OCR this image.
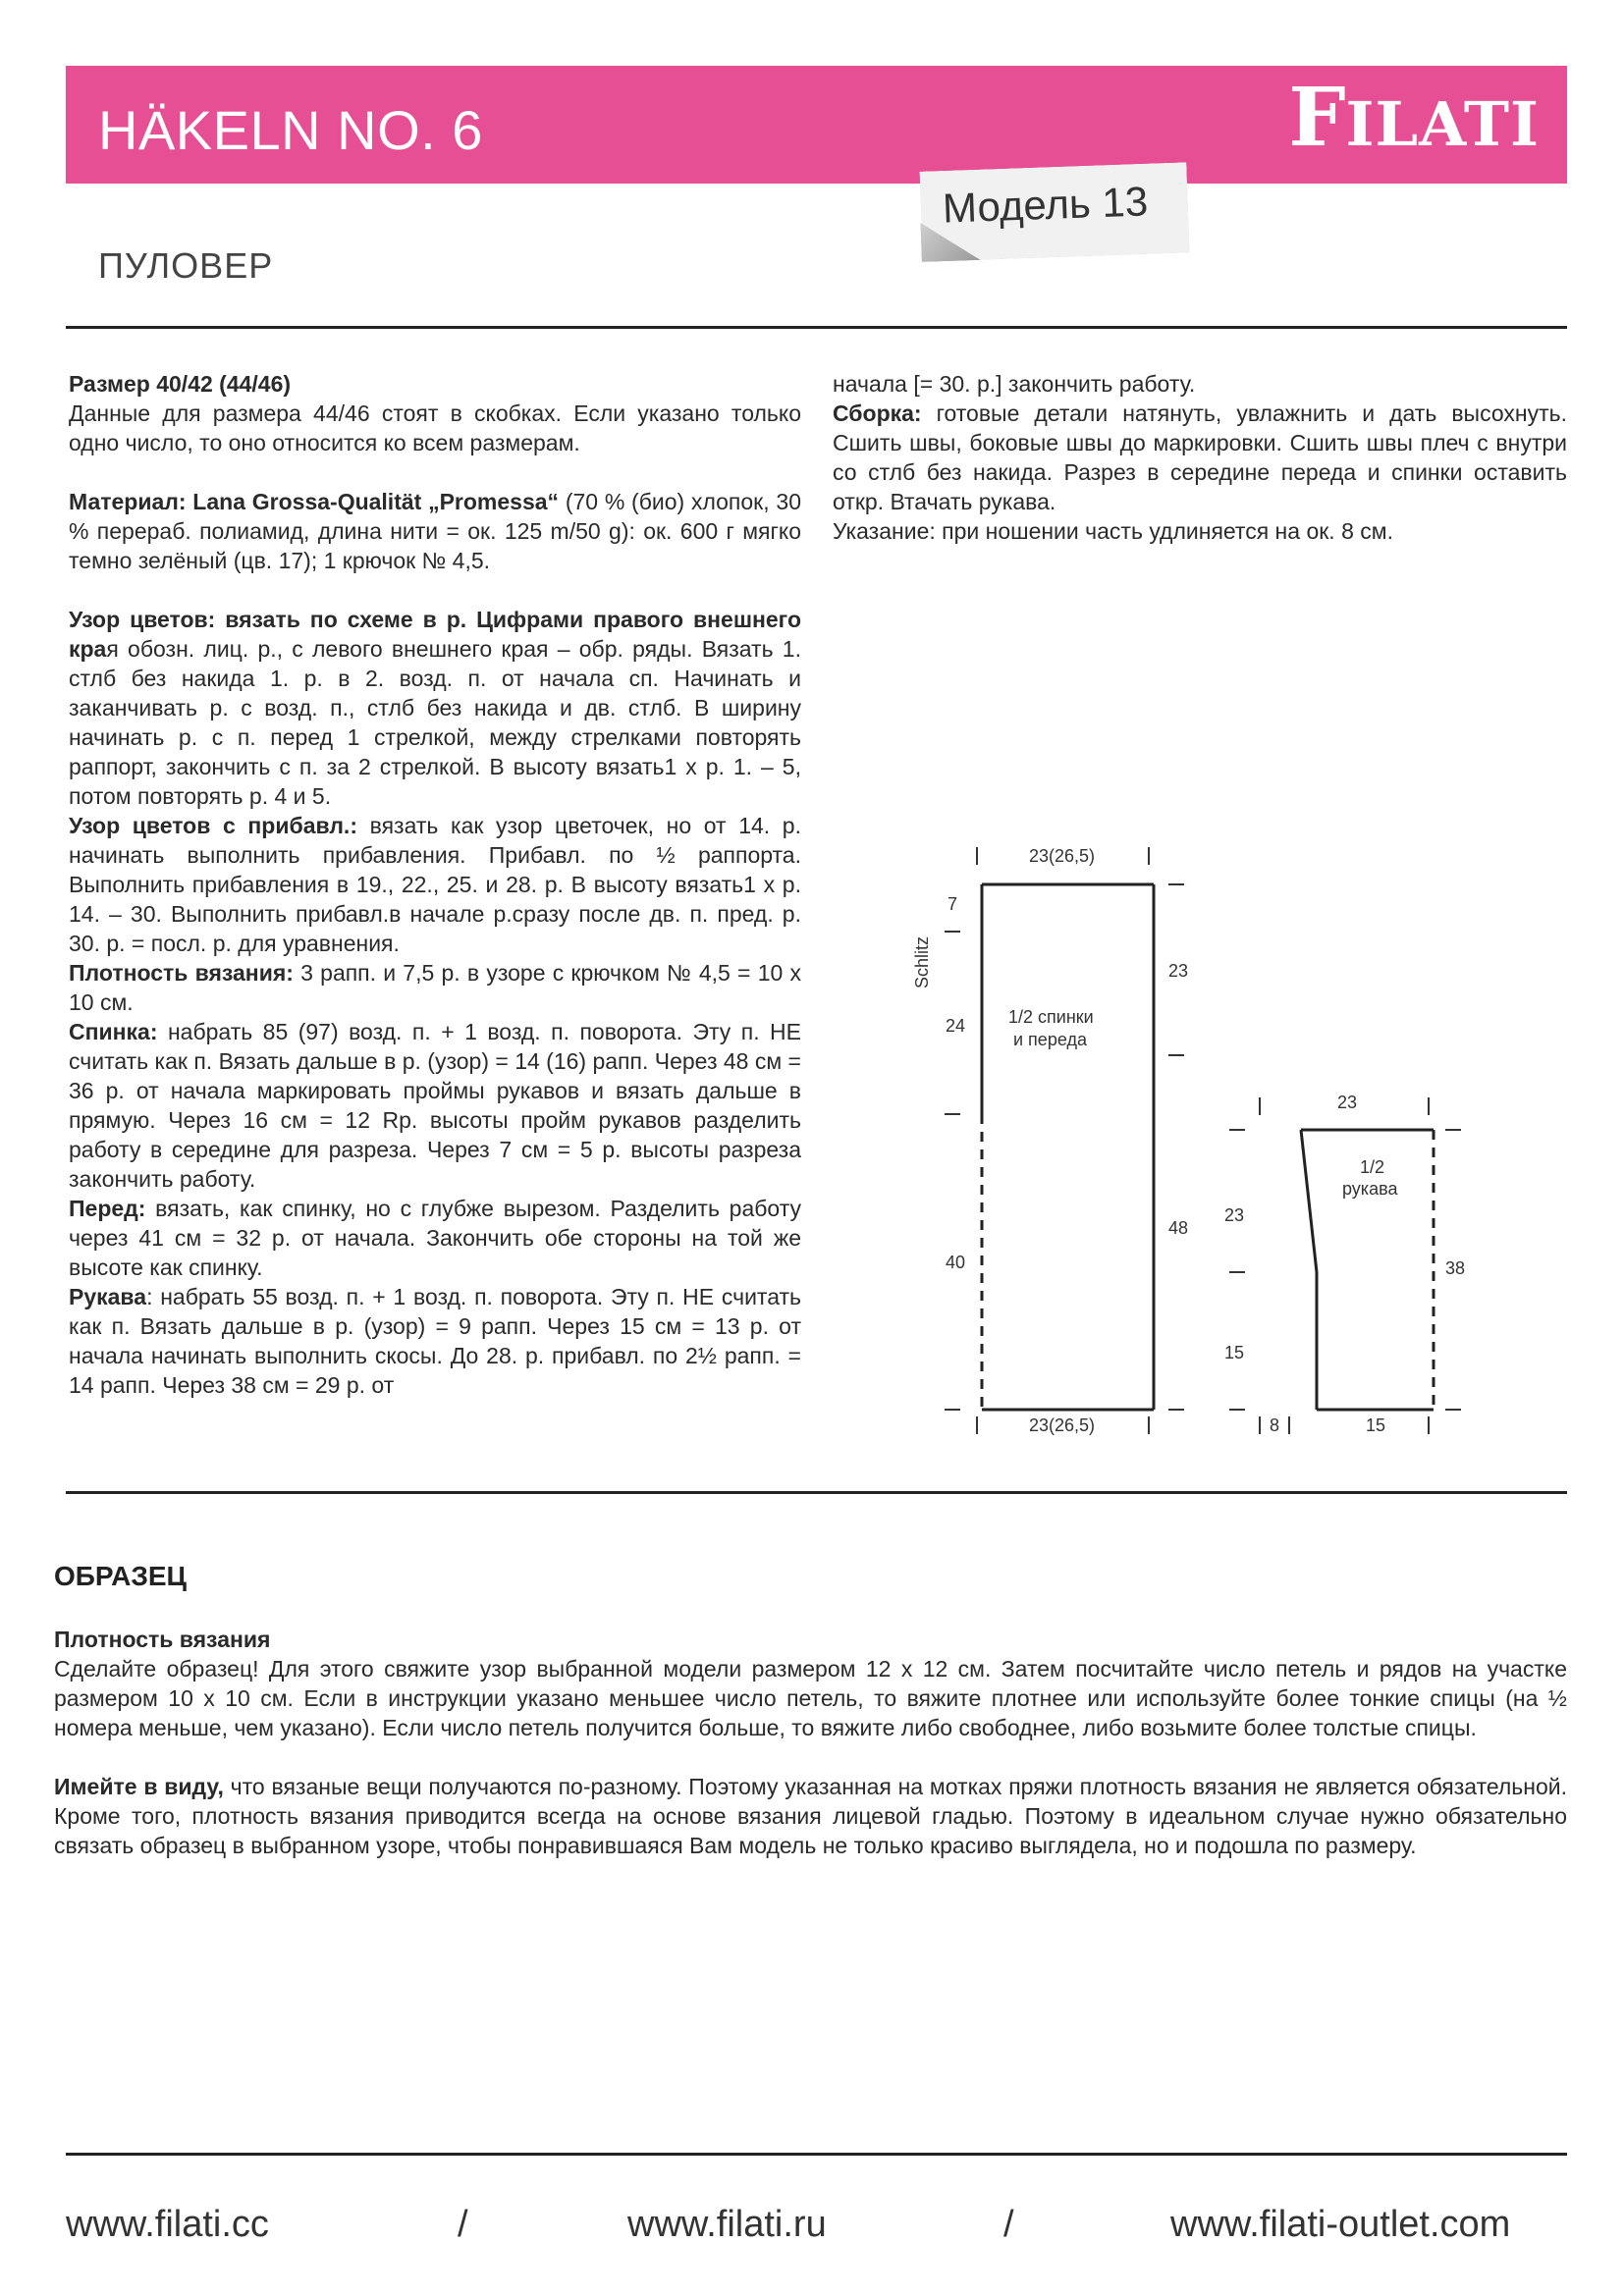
HÄKELN NO. 6	FILATI
Модель 13
ПУЛОВЕР

Размер 40/42 (44/46)

Данные для размера 44/46 стоят в скобках. Если указано только одно число, то оно относится ко всем размерам.

Материал: Lana Grossa-Qualität „Promessa“ (70 % (био) хлопок, 30 % перераб. полиамид, длина нити = ок. 125 m/50 g): ок. 600 г мягко темно зелёный (цв. 17); 1 крючок № 4,5.

Узор цветов: вязать по схеме в р. Цифрами правого внешнего края обозн. лиц. р., с левого внешнего края – обр. ряды. Вязать 1. стлб без накида 1. р. в 2. возд. п. от начала сп. Начинать и заканчивать р. с возд. п., стлб без накида и дв. стлб. В ширину начинать р. с п. перед 1 стрелкой, между стрелками повторять раппорт, закончить с п. за 2 стрелкой. В высоту вязать1 х р. 1. – 5, потом повторять р. 4 и 5.

Узор цветов с прибавл.: вязать как узор цветочек, но от 14. р. начинать выполнить прибавления. Прибавл. по ½ раппорта. Выполнить прибавления в 19., 22., 25. и 28. р. В высоту вязать1 х р. 14. – 30. Выполнить прибавл.в начале р.сразу после дв. п. пред. р. 30. р. = посл. р. для уравнения.

Плотность вязания: 3 рапп. и 7,5 р. в узоре с крючком № 4,5 = 10 х 10 см.

Спинка: набрать 85 (97) возд. п. + 1 возд. п. поворота. Эту п. НЕ считать как п. Вязать дальше в р. (узор) = 14 (16) рапп. Через 48 см = 36 р. от начала маркировать проймы рукавов и вязать дальше в прямую. Через 16 см = 12 Rp. высоты пройм рукавов разделить работу в середине для разреза. Через 7 см = 5 р. высоты разреза закончить работу.

Перед: вязать, как спинку, но с глубже вырезом. Разделить работу через 41 см = 32 р. от начала. Закончить обе стороны на той же высоте как спинку.

Рукава: набрать 55 возд. п. + 1 возд. п. поворота. Эту п. НЕ считать как п. Вязать дальше в р. (узор) = 9 рапп. Через 15 см = 13 р. от начала начинать выполнить скосы. До 28. р. прибавл. по 2½ рапп. = 14 рапп. Через 38 см = 29 р. от

начала [= 30. р.] закончить работу.

Сборка: готовые детали натянуть, увлажнить и дать высохнуть. Сшить швы, боковые швы до маркировки. Сшить швы плеч с внутри со стлб без накида. Разрез в середине переда и спинки оставить откр. Втачать рукава.

Указание: при ношении часть удлиняется на ок. 8 см.

23(26,5)
23(26,5)
7
Schlitz
24
40
23
48
1/2 спинки
и переда
23
1/2
рукава
23
15
38
8	15
ОБРАЗЕЦ

Плотность вязания

Сделайте образец! Для этого свяжите узор выбранной модели размером 12 х 12 см. Затем посчитайте число петель и рядов на участке размером 10 х 10 см. Если в инструкции указано меньшее число петель, то вяжите плотнее или используйте более тонкие спицы (на ½ номера меньше, чем указано). Если число петель получится больше, то вяжите либо свободнее, либо возьмите более толстые спицы.

Имейте в виду, что вязаные вещи получаются по-разному. Поэтому указанная на мотках пряжи плотность вязания не является обязательной. Кроме того, плотность вязания приводится всегда на основе вязания лицевой гладью. Поэтому в идеальном случае нужно обязательно связать образец в выбранном узоре, чтобы понравившаяся Вам модель не только красиво выглядела, но и подошла по размеру.

www.filati.cc	/	www.filati.ru	/	www.filati-outlet.com
